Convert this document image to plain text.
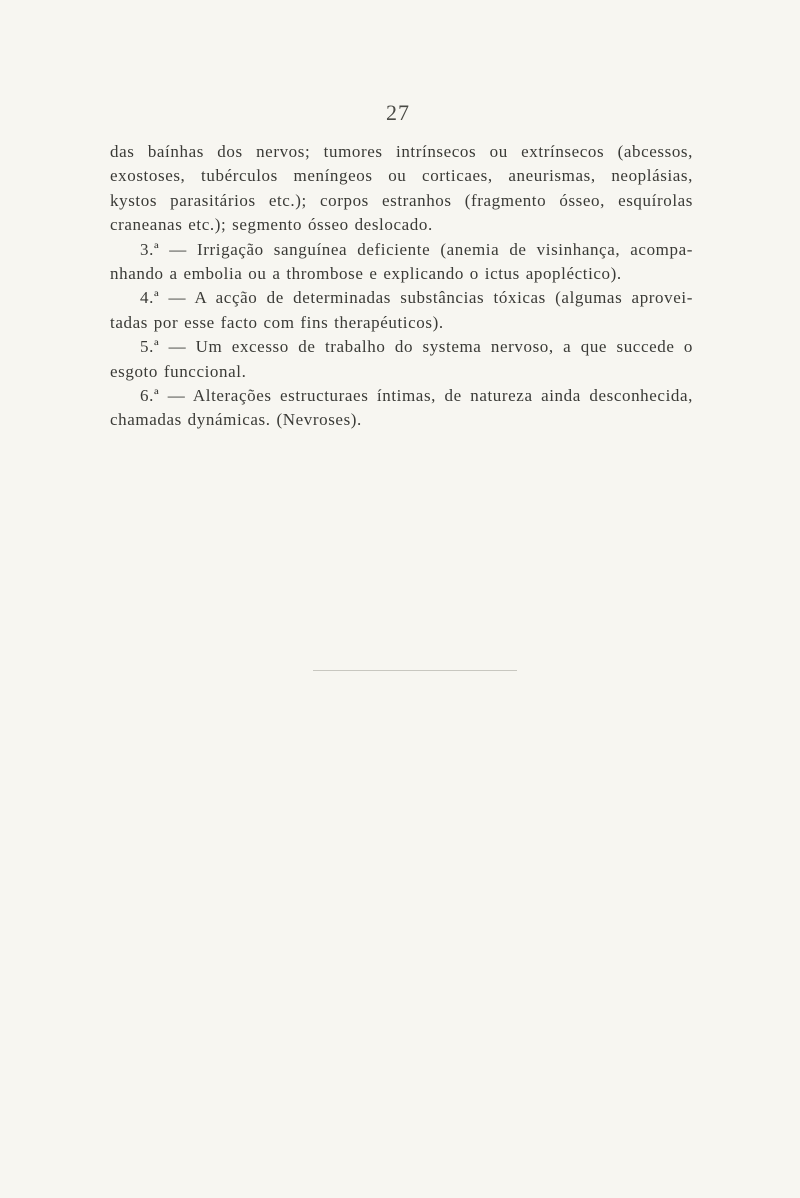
27
das baínhas dos nervos; tumores intrínsecos ou extrínsecos (abcessos,
exostoses, tubérculos meníngeos ou corticaes, aneurismas, neoplásias,
kystos parasitários etc.); corpos estranhos (fragmento ósseo, esquírolas
craneanas etc.); segmento ósseo deslocado.
3.ª — Irrigação sanguínea deficiente (anemia de visinhança, acompa-
nhando a embolia ou a thrombose e explicando o ictus apopléctico).
4.ª — A acção de determinadas substâncias tóxicas (algumas aprovei-
tadas por esse facto com fins therapéuticos).
5.ª — Um excesso de trabalho do systema nervoso, a que succede o
esgoto funccional.
6.ª — Alterações estructuraes íntimas, de natureza ainda desconhecida,
chamadas dynámicas. (Nevroses).
